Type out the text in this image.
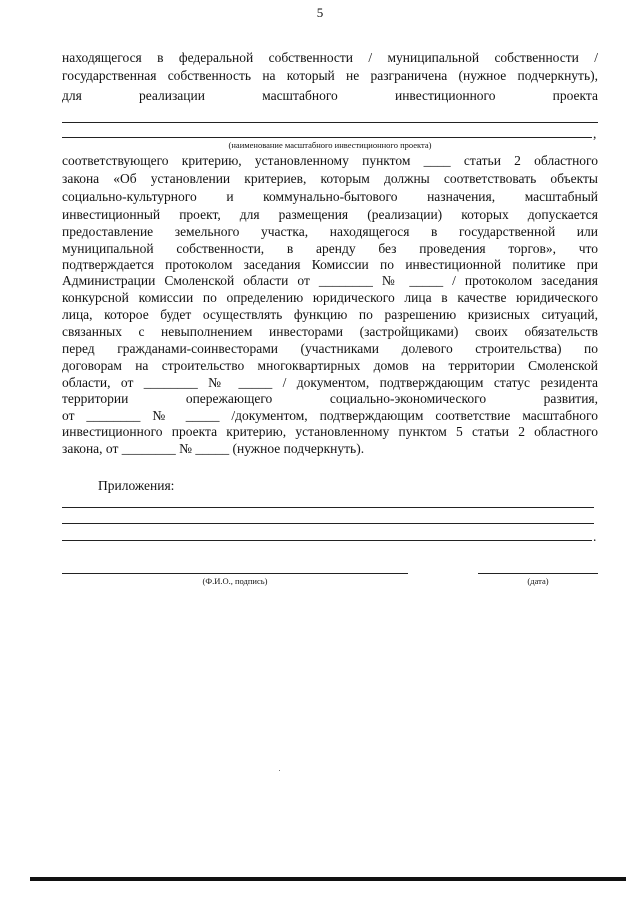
5
находящегося в федеральной собственности / муниципальной собственности /
государственная собственность на который не разграничена (нужное подчеркнуть),
для реализации масштабного инвестиционного проекта
,
(наименование масштабного инвестиционного проекта)
соответствующего критерию, установленному пунктом ____ статьи 2 областного
закона «Об установлении критериев, которым должны соответствовать объекты
социально-культурного и коммунально-бытового назначения, масштабный
инвестиционный проект, для размещения (реализации) которых допускается
предоставление земельного участка, находящегося в государственной или
муниципальной собственности, в аренду без проведения торгов», что
подтверждается протоколом заседания Комиссии по инвестиционной политике при
Администрации Смоленской области от ________ № _____ / протоколом заседания
конкурсной комиссии по определению юридического лица в качестве юридического
лица, которое будет осуществлять функцию по разрешению кризисных ситуаций,
связанных с невыполнением инвесторами (застройщиками) своих обязательств
перед гражданами-соинвесторами (участниками долевого строительства) по
договорам на строительство многоквартирных домов на территории Смоленской
области, от ________ № _____ / документом, подтверждающим статус резидента
территории опережающего социально-экономического развития,
от ________ № _____ /документом, подтверждающим соответствие масштабного
инвестиционного проекта критерию, установленному пунктом 5 статьи 2 областного
закона, от ________ № _____ (нужное подчеркнуть).
Приложения:
.
(Ф.И.О., подпись)	(дата)
